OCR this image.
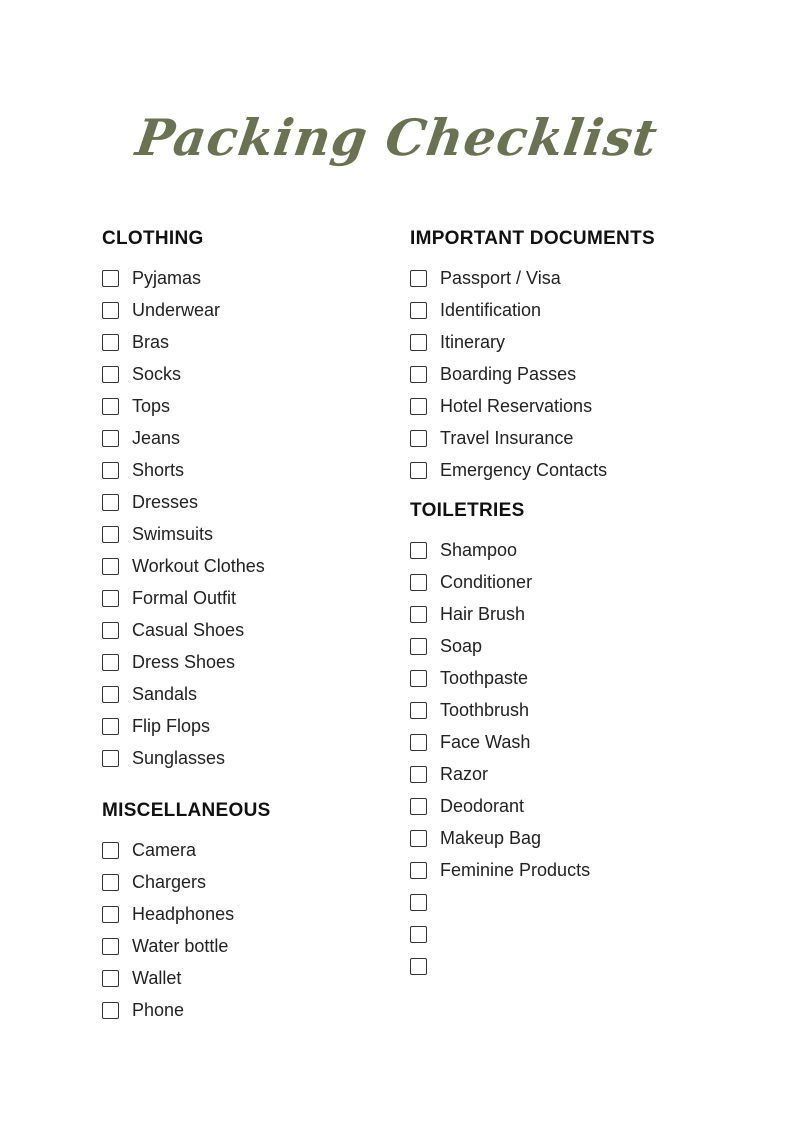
Packing Checklist
CLOTHING
Pyjamas
Underwear
Bras
Socks
Tops
Jeans
Shorts
Dresses
Swimsuits
Workout Clothes
Formal Outfit
Casual Shoes
Dress Shoes
Sandals
Flip Flops
Sunglasses
MISCELLANEOUS
Camera
Chargers
Headphones
Water bottle
Wallet
Phone
IMPORTANT DOCUMENTS
Passport / Visa
Identification
Itinerary
Boarding Passes
Hotel Reservations
Travel Insurance
Emergency Contacts
TOILETRIES
Shampoo
Conditioner
Hair Brush
Soap
Toothpaste
Toothbrush
Face Wash
Razor
Deodorant
Makeup Bag
Feminine Products
